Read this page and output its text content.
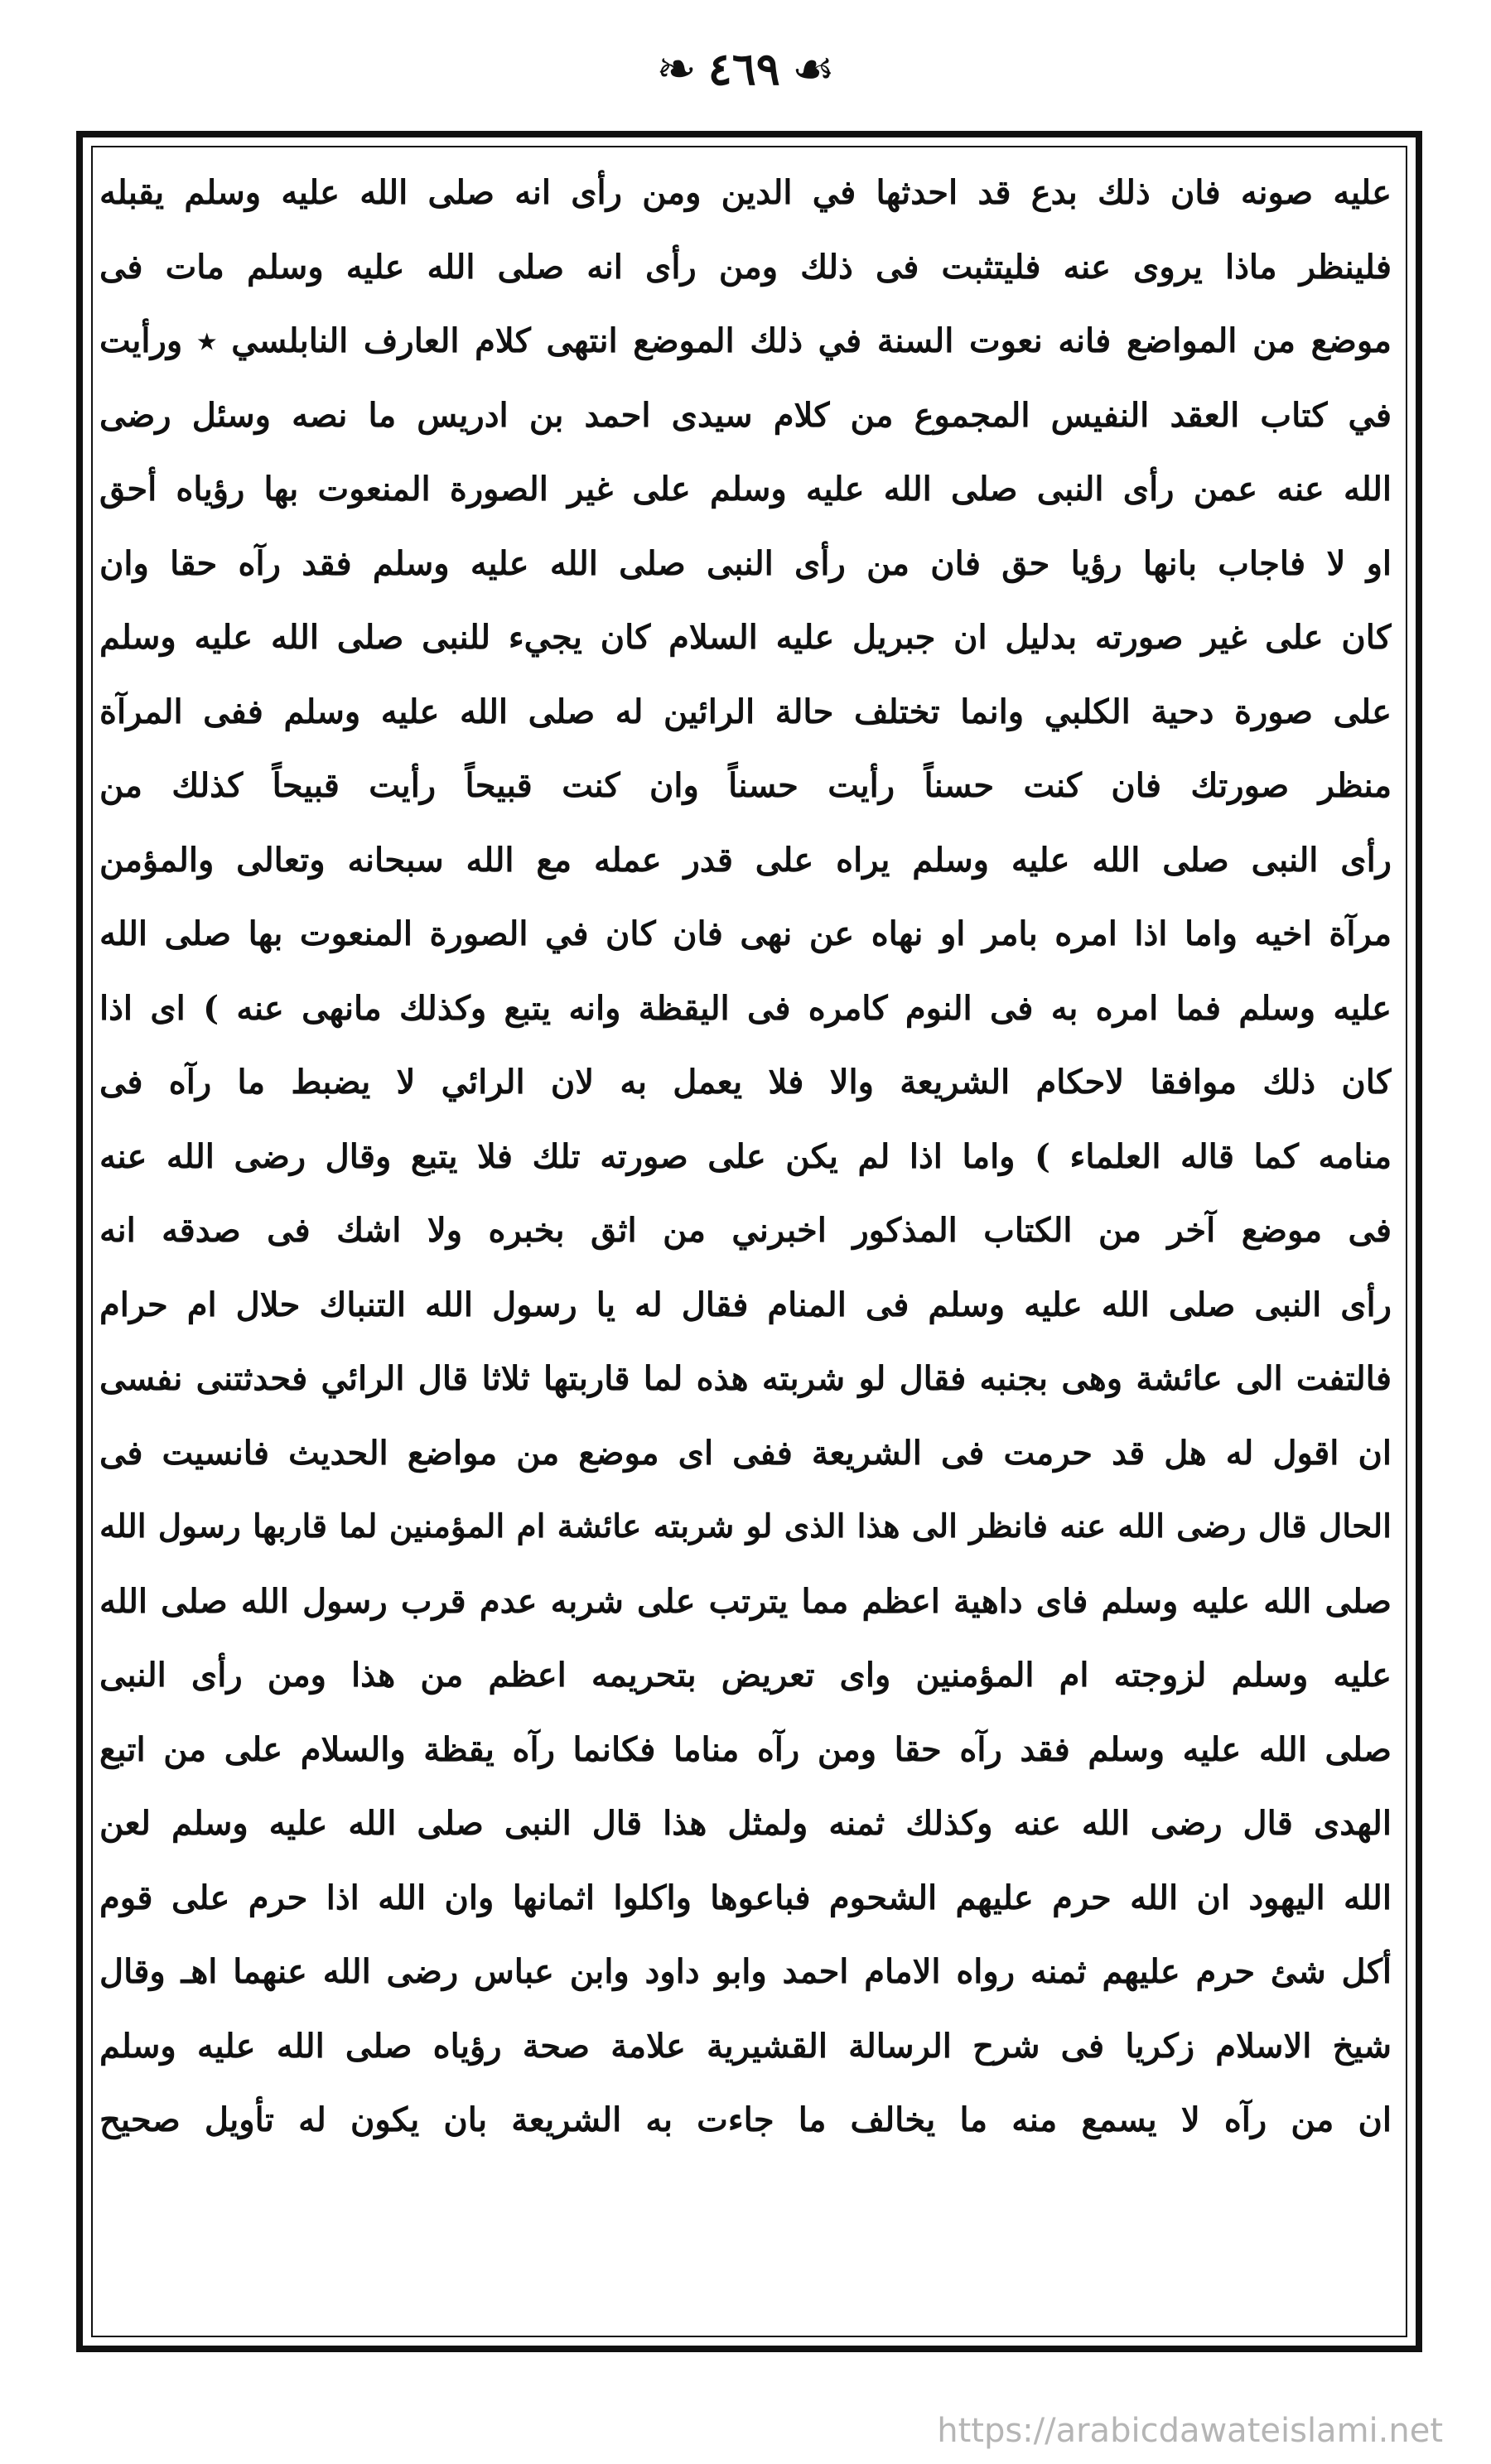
❧ ٤٦٩ ☙
عليه صونه فان ذلك بدع قد احدثها في الدين ومن رأى انه صلى الله عليه وسلم يقبله
فلينظر ماذا يروى عنه فليتثبت فى ذلك ومن رأى انه صلى الله عليه وسلم مات فى
موضع من المواضع فانه نعوت السنة في ذلك الموضع انتهى كلام العارف النابلسي ٭ ورأيت
في كتاب العقد النفيس المجموع من كلام سيدى احمد بن ادريس ما نصه وسئل رضى
الله عنه عمن رأى النبى صلى الله عليه وسلم على غير الصورة المنعوت بها رؤياه أحق
او لا فاجاب بانها رؤيا حق فان من رأى النبى صلى الله عليه وسلم فقد رآه حقا وان
كان على غير صورته بدليل ان جبريل عليه السلام كان يجيء للنبى صلى الله عليه وسلم
على صورة دحية الكلبي وانما تختلف حالة الرائين له صلى الله عليه وسلم ففى المرآة
منظر صورتك فان كنت حسناً رأيت حسناً وان كنت قبيحاً رأيت قبيحاً كذلك من
رأى النبى صلى الله عليه وسلم يراه على قدر عمله مع الله سبحانه وتعالى والمؤمن
مرآة اخيه واما اذا امره بامر او نهاه عن نهى فان كان في الصورة المنعوت بها صلى الله
عليه وسلم فما امره به فى النوم كامره فى اليقظة وانه يتبع وكذلك مانهى عنه ) اى اذا
كان ذلك موافقا لاحكام الشريعة والا فلا يعمل به لان الرائي لا يضبط ما رآه فى
منامه كما قاله العلماء ) واما اذا لم يكن على صورته تلك فلا يتبع وقال رضى الله عنه
فى موضع آخر من الكتاب المذكور اخبرني من اثق بخبره ولا اشك فى صدقه انه
رأى النبى صلى الله عليه وسلم فى المنام فقال له يا رسول الله التنباك حلال ام حرام
فالتفت الى عائشة وهى بجنبه فقال لو شربته هذه لما قاربتها ثلاثا قال الرائي فحدثتنى نفسى
ان اقول له هل قد حرمت فى الشريعة ففى اى موضع من مواضع الحديث فانسيت فى
الحال قال رضى الله عنه فانظر الى هذا الذى لو شربته عائشة ام المؤمنين لما قاربها رسول الله
صلى الله عليه وسلم فاى داهية اعظم مما يترتب على شربه عدم قرب رسول الله صلى الله
عليه وسلم لزوجته ام المؤمنين واى تعريض بتحريمه اعظم من هذا ومن رأى النبى
صلى الله عليه وسلم فقد رآه حقا ومن رآه مناما فكانما رآه يقظة والسلام على من اتبع
الهدى قال رضى الله عنه وكذلك ثمنه ولمثل هذا قال النبى صلى الله عليه وسلم لعن
الله اليهود ان الله حرم عليهم الشحوم فباعوها واكلوا اثمانها وان الله اذا حرم على قوم
أكل شئ حرم عليهم ثمنه رواه الامام احمد وابو داود وابن عباس رضى الله عنهما اهـ وقال
شيخ الاسلام زكريا فى شرح الرسالة القشيرية علامة صحة رؤياه صلى الله عليه وسلم
ان من رآه لا يسمع منه ما يخالف ما جاءت به الشريعة بان يكون له تأويل صحيح
https://arabicdawateislami.net
